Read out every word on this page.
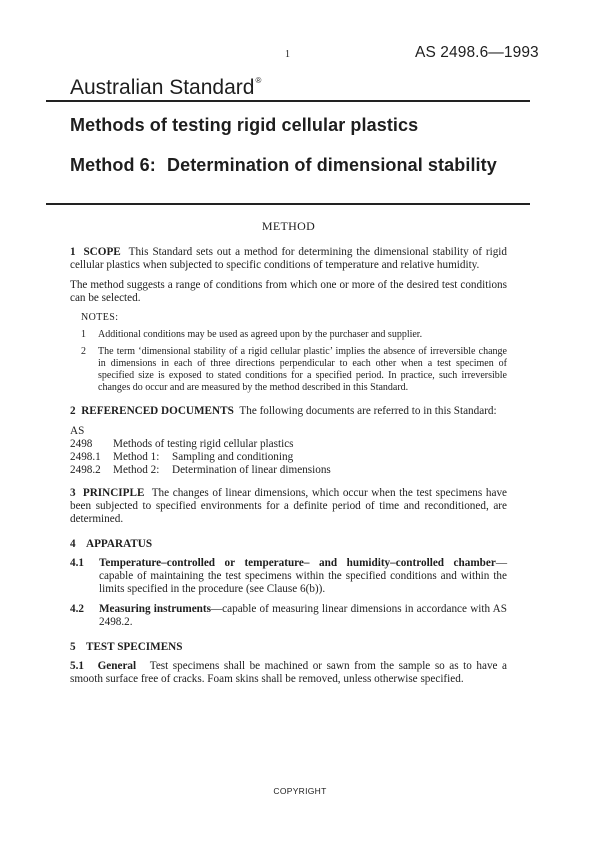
1	AS 2498.6—1993
Australian Standard®
Methods of testing rigid cellular plastics
Method 6: Determination of dimensional stability
METHOD

1 SCOPE This Standard sets out a method for determining the dimensional stability of rigid cellular plastics when subjected to specific conditions of temperature and relative humidity.

The method suggests a range of conditions from which one or more of the desired test conditions can be selected.

NOTES:
1	Additional conditions may be used as agreed upon by the purchaser and supplier.
2	The term ‘dimensional stability of a rigid cellular plastic’ implies the absence of irreversible change in dimensions in each of three directions perpendicular to each other when a test specimen of specified size is exposed to stated conditions for a specified period. In practice, such irreversible changes do occur and are measured by the method described in this Standard.

2 REFERENCED DOCUMENTS The following documents are referred to in this Standard:

AS
2498	Methods of testing rigid cellular plastics
2498.1	Method 1:	Sampling and conditioning
2498.2	Method 2:	Determination of linear dimensions

3 PRINCIPLE The changes of linear dimensions, which occur when the test specimens have been subjected to specified environments for a definite period of time and reconditioned, are determined.

4 APPARATUS
4.1	Temperature–controlled or temperature– and humidity–controlled chamber—capable of maintaining the test specimens within the specified conditions and within the limits specified in the procedure (see Clause 6(b)).
4.2	Measuring instruments—capable of measuring linear dimensions in accordance with AS 2498.2.
5 TEST SPECIMENS

5.1 General Test specimens shall be machined or sawn from the sample so as to have a smooth surface free of cracks. Foam skins shall be removed, unless otherwise specified.

COPYRIGHT
